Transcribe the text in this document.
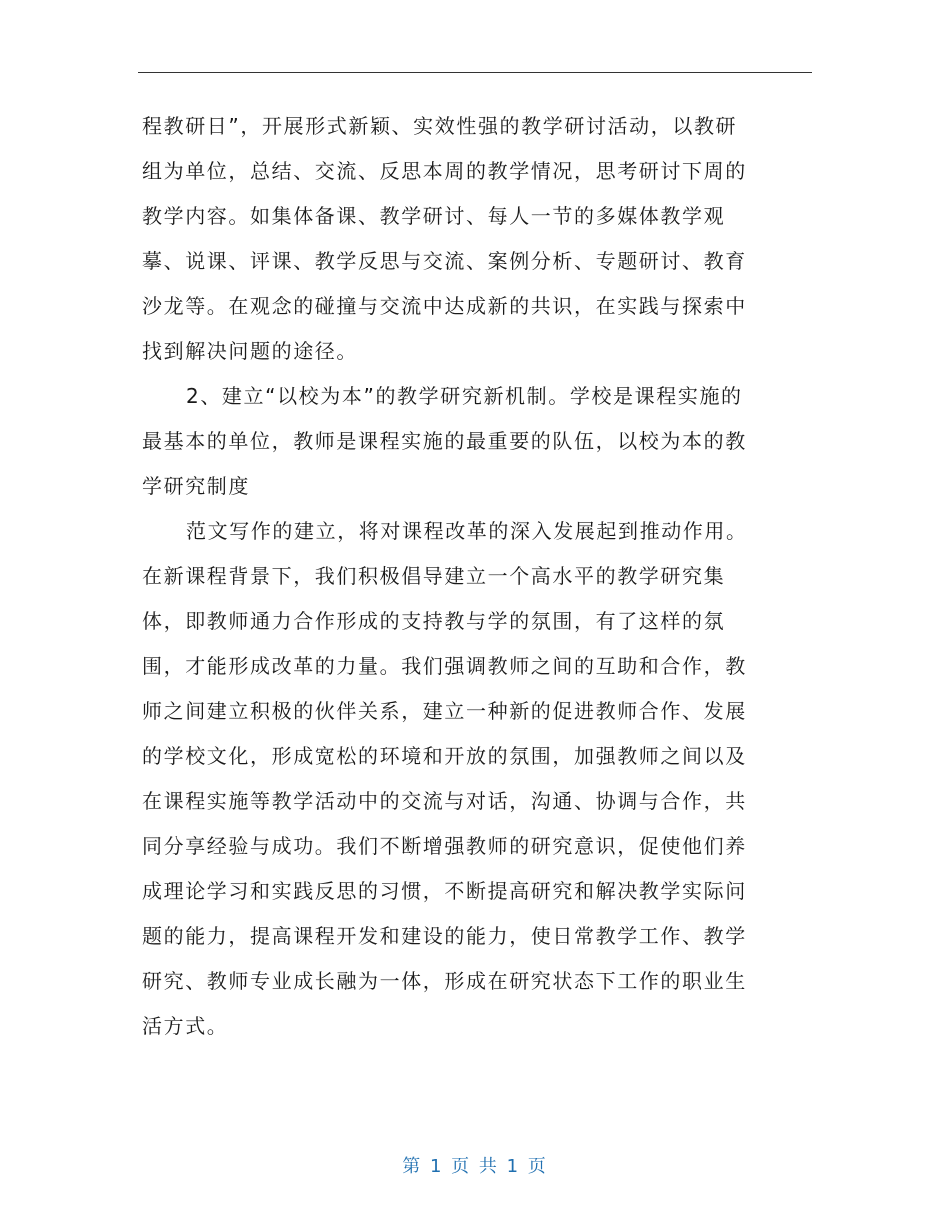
程教研日”，开展形式新颖、实效性强的教学研讨活动，以教研
组为单位，总结、交流、反思本周的教学情况，思考研讨下周的
教学内容。如集体备课、教学研讨、每人一节的多媒体教学观
摹、说课、评课、教学反思与交流、案例分析、专题研讨、教育
沙龙等。在观念的碰撞与交流中达成新的共识，在实践与探索中
找到解决问题的途径。
2、建立“以校为本”的教学研究新机制。学校是课程实施的
最基本的单位，教师是课程实施的最重要的队伍，以校为本的教
学研究制度
范文写作的建立，将对课程改革的深入发展起到推动作用。
在新课程背景下，我们积极倡导建立一个高水平的教学研究集
体，即教师通力合作形成的支持教与学的氛围，有了这样的氛
围，才能形成改革的力量。我们强调教师之间的互助和合作，教
师之间建立积极的伙伴关系，建立一种新的促进教师合作、发展
的学校文化，形成宽松的环境和开放的氛围，加强教师之间以及
在课程实施等教学活动中的交流与对话，沟通、协调与合作，共
同分享经验与成功。我们不断增强教师的研究意识，促使他们养
成理论学习和实践反思的习惯，不断提高研究和解决教学实际问
题的能力，提高课程开发和建设的能力，使日常教学工作、教学
研究、教师专业成长融为一体，形成在研究状态下工作的职业生
活方式。
第 1 页 共 1 页
